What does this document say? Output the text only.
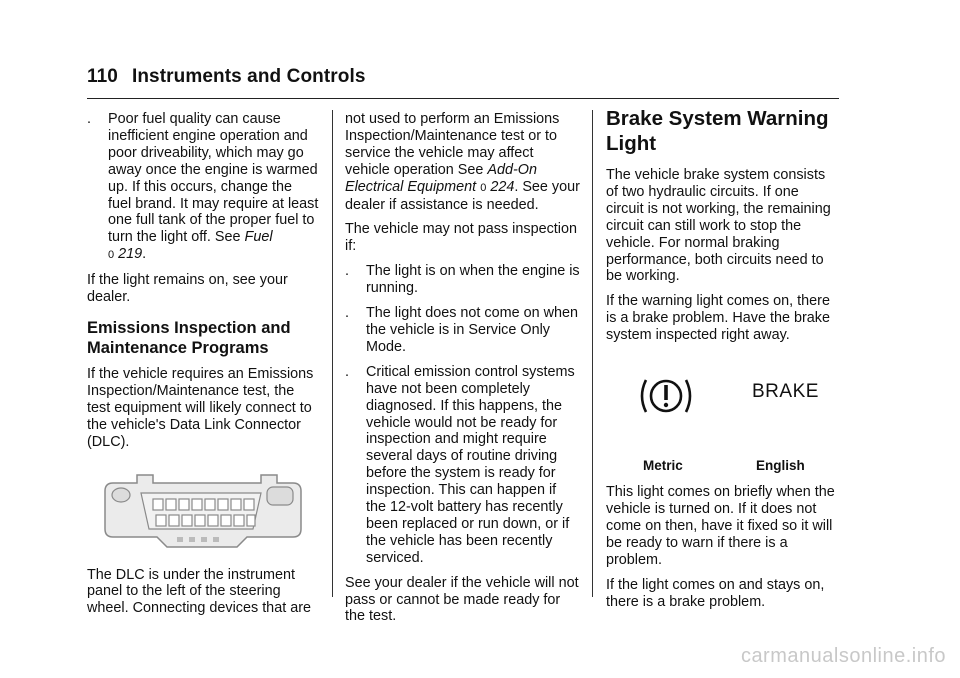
110 Instruments and Controls
. Poor fuel quality can cause inefficient engine operation and poor driveability, which may go away once the engine is warmed up. If this occurs, change the fuel brand. It may require at least one full tank of the proper fuel to turn the light off. See Fuel
0 219.

If the light remains on, see your dealer.

Emissions Inspection and Maintenance Programs

If the vehicle requires an Emissions Inspection/Maintenance test, the test equipment will likely connect to the vehicle's Data Link Connector (DLC).

The DLC is under the instrument panel to the left of the steering wheel. Connecting devices that are

not used to perform an Emissions Inspection/Maintenance test or to service the vehicle may affect vehicle operation See Add-On Electrical Equipment 0 224. See your dealer if assistance is needed.

The vehicle may not pass inspection if:

. The light is on when the engine is running.
. The light does not come on when the vehicle is in Service Only Mode.
. Critical emission control systems have not been completely diagnosed. If this happens, the vehicle would not be ready for inspection and might require several days of routine driving before the system is ready for inspection. This can happen if the 12-volt battery has recently been replaced or run down, or if the vehicle has been recently serviced.

See your dealer if the vehicle will not pass or cannot be made ready for the test.

Brake System Warning Light

The vehicle brake system consists of two hydraulic circuits. If one circuit is not working, the remaining circuit can still work to stop the vehicle. For normal braking performance, both circuits need to be working.

If the warning light comes on, there is a brake problem. Have the brake system inspected right away.

BRAKE
Metric	English

This light comes on briefly when the vehicle is turned on. If it does not come on then, have it fixed so it will be ready to warn if there is a problem.

If the light comes on and stays on, there is a brake problem.

carmanualsonline.info
